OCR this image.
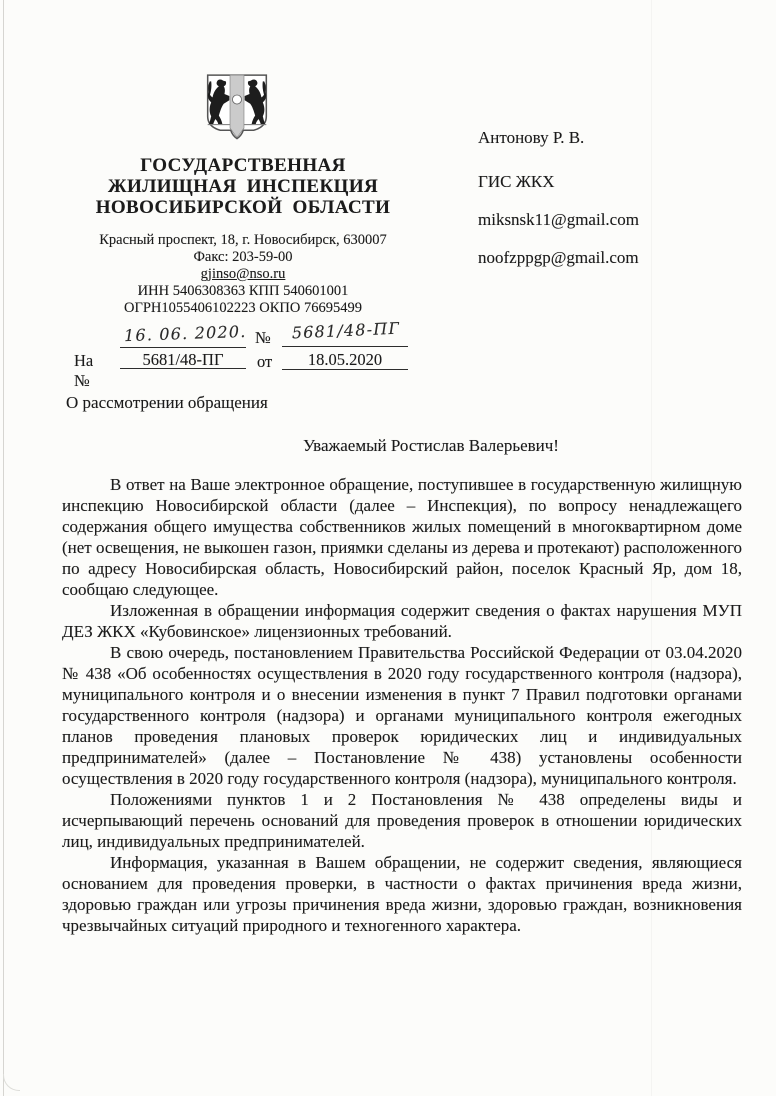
ГОСУДАРСТВЕННАЯ
ЖИЛИЩНАЯ ИНСПЕКЦИЯ
НОВОСИБИРСКОЙ ОБЛАСТИ
Красный проспект, 18, г. Новосибирск, 630007
Факс: 203-59-00
gjinso@nso.ru
ИНН 5406308363 КПП 540601001
ОГРН1055406102223 ОКПО 76695499
Антонову Р. В.
ГИС ЖКХ
miksnsk11@gmail.com
noofzppgp@gmail.com
16. 06. 2020. №	5681/48-ПГ
На №
5681/48-ПГ	от	18.05.2020
О рассмотрении обращения
Уважаемый Ростислав Валерьевич!

В ответ на Ваше электронное обращение, поступившее в государственную жилищную инспекцию Новосибирской области (далее – Инспекция), по вопросу ненадлежащего содержания общего имущества собственников жилых помещений в многоквартирном доме (нет освещения, не выкошен газон, приямки сделаны из дерева и протекают) расположенного по адресу Новосибирская область, Новосибирский район, поселок Красный Яр, дом 18, сообщаю следующее.

Изложенная в обращении информация содержит сведения о фактах нарушения МУП ДЕЗ ЖКХ «Кубовинское» лицензионных требований.

В свою очередь, постановлением Правительства Российской Федерации от 03.04.2020 № 438 «Об особенностях осуществления в 2020 году государственного контроля (надзора), муниципального контроля и о внесении изменения в пункт 7 Правил подготовки органами государственного контроля (надзора) и органами муниципального контроля ежегодных планов проведения плановых проверок юридических лиц и индивидуальных предпринимателей» (далее – Постановление № 438) установлены особенности осуществления в 2020 году государственного контроля (надзора), муниципального контроля.

Положениями пунктов 1 и 2 Постановления № 438 определены виды и исчерпывающий перечень оснований для проведения проверок в отношении юридических лиц, индивидуальных предпринимателей.

Информация, указанная в Вашем обращении, не содержит сведения, являющиеся основанием для проведения проверки, в частности о фактах причинения вреда жизни, здоровью граждан или угрозы причинения вреда жизни, здоровью граждан, возникновения чрезвычайных ситуаций природного и техногенного характера.
